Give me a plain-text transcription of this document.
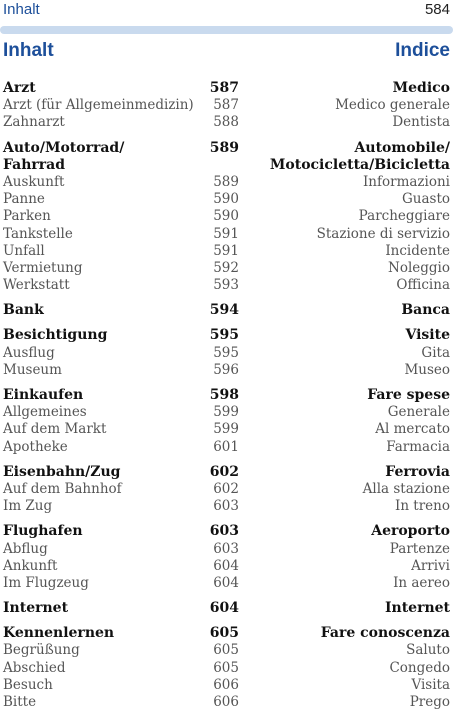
Inhalt	584
Inhalt	Indice
Arzt	587	Medico
Arzt (für Allgemeinmedizin) 587	Medico generale
Zahnarzt	588	Dentista
Auto/Motorrad/	589	Automobile/
Fahrrad	Motocicletta/Bicicletta
Auskunft	589	Informazioni
Panne	590	Guasto
Parken	590	Parcheggiare
Tankstelle	591	Stazione di servizio
Unfall	591	Incidente
Vermietung	592	Noleggio
Werkstatt	593	Officina
Bank	594	Banca
Besichtigung	595	Visite
Ausflug	595	Gita
Museum	596	Museo
Einkaufen	598	Fare spese
Allgemeines	599	Generale
Auf dem Markt	599	Al mercato
Apotheke	601	Farmacia
Eisenbahn/Zug	602	Ferrovia
Auf dem Bahnhof	602	Alla stazione
Im Zug	603	In treno
Flughafen	603	Aeroporto
Abflug	603	Partenze
Ankunft	604	Arrivi
Im Flugzeug	604	In aereo
Internet	604	Internet
Kennenlernen	605	Fare conoscenza
Begrüßung	605	Saluto
Abschied	605	Congedo
Besuch	606	Visita
Bitte	606	Prego
